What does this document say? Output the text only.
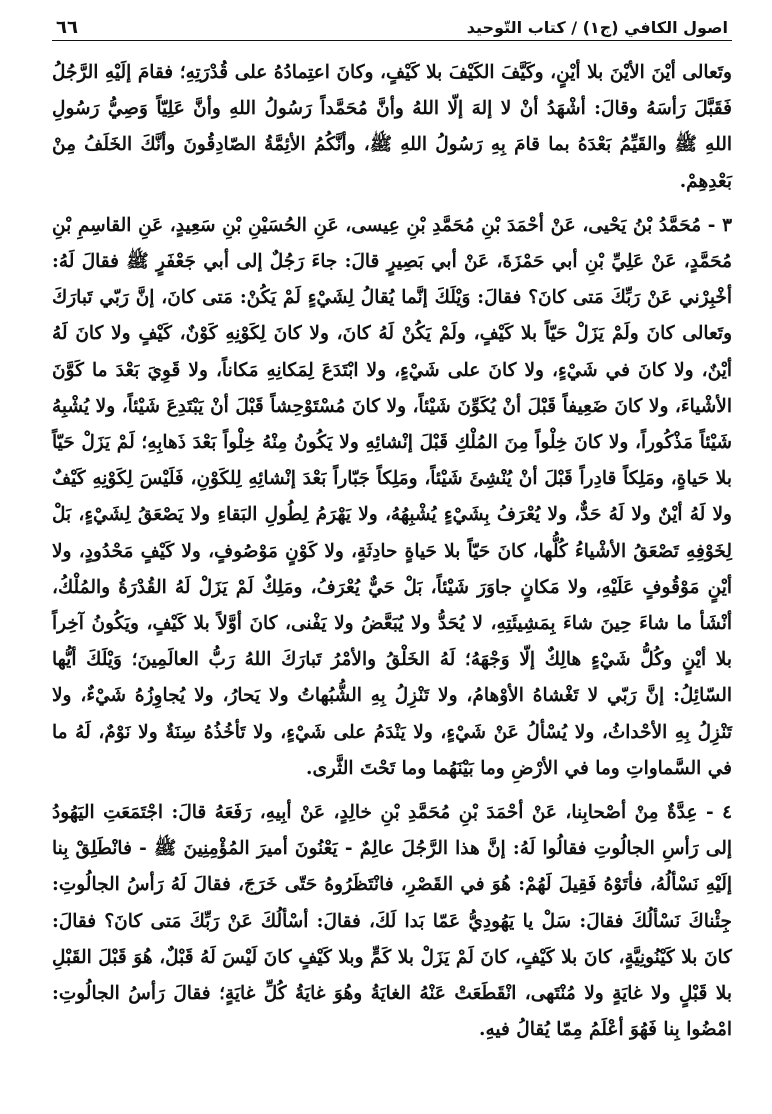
اصول الكافي (ج١) / كتاب التّوحيد
٦٦

وتَعالى أيْنَ الأيْنَ بلا أيْنٍ، وكَيَّفَ الكَيْفَ بلا كَيْفٍ، وكانَ اعتِمادُهُ على قُدْرَتِهِ؛ فقامَ إلَيْهِ الرَّجُلُ فَقَبَّلَ رَأسَهُ وقالَ: أشْهَدُ أنْ لا إلهَ إلّا اللهُ وأنَّ مُحَمَّداً رَسُولُ اللهِ وأنَّ عَلِيّاً وَصِيُّ رَسُولِ اللهِ ﷺ والقَيِّمُ بَعْدَهُ بما قامَ بِهِ رَسُولُ اللهِ ﷺ، وأنَّكُمُ الأئِمَّةُ الصّادِقُونَ وأنَّكَ الخَلَفُ مِنْ بَعْدِهِمْ.

٣ - مُحَمَّدُ بْنُ يَحْيى، عَنْ أحْمَدَ بْنِ مُحَمَّدِ بْنِ عِيسى، عَنِ الحُسَيْنِ بْنِ سَعِيدٍ، عَنِ القاسِمِ بْنِ مُحَمَّدٍ، عَنْ عَلِيِّ بْنِ أبي حَمْزَةَ، عَنْ أبي بَصِيرٍ قالَ: جاءَ رَجُلٌ إلى أبي جَعْفَرٍ ﷺ فقالَ لَهُ: أخْبِرْني عَنْ رَبِّكَ مَتى كانَ؟ فقالَ: وَيْلَكَ إنَّما يُقالُ لِشَيْءٍ لَمْ يَكُنْ: مَتى كانَ، إنَّ رَبّي تَبارَكَ وتَعالى كانَ ولَمْ يَزَلْ حَيّاً بلا كَيْفٍ، ولَمْ يَكُنْ لَهُ كانَ، ولا كانَ لِكَوْنِهِ كَوْنٌ، كَيْفٍ ولا كانَ لَهُ أيْنٌ، ولا كانَ في شَيْءٍ، ولا كانَ على شَيْءٍ، ولا ابْتَدَعَ لِمَكانِهِ مَكاناً، ولا قَوِيَ بَعْدَ ما كَوَّنَ الأشْياءَ، ولا كانَ ضَعِيفاً قَبْلَ أنْ يُكَوِّنَ شَيْئاً، ولا كانَ مُسْتَوْحِشاً قَبْلَ أنْ يَبْتَدِعَ شَيْئاً، ولا يُشْبِهُ شَيْئاً مَذْكُوراً، ولا كانَ خِلْواً مِنَ المُلْكِ قَبْلَ إنْشائِهِ ولا يَكُونُ مِنْهُ خِلْواً بَعْدَ ذَهابِهِ؛ لَمْ يَزَلْ حَيّاً بلا حَياةٍ، ومَلِكاً قادِراً قَبْلَ أنْ يُنْشِئَ شَيْئاً، ومَلِكاً جَبّاراً بَعْدَ إنْشائِهِ لِلكَوْنِ، فَلَيْسَ لِكَوْنِهِ كَيْفٌ ولا لَهُ أيْنٌ ولا لَهُ حَدٌّ، ولا يُعْرَفُ بِشَيْءٍ يُشْبِهُهُ، ولا يَهْرَمُ لِطُولِ البَقاءِ ولا يَصْعَقُ لِشَيْءٍ، بَلْ لِخَوْفِهِ تَصْعَقُ الأشْياءُ كُلُّها، كانَ حَيّاً بلا حَياةٍ حادِثَةٍ، ولا كَوْنٍ مَوْصُوفٍ، ولا كَيْفٍ مَحْدُودٍ، ولا أيْنٍ مَوْقُوفٍ عَلَيْهِ، ولا مَكانٍ جاوَرَ شَيْئاً، بَلْ حَيٌّ يُعْرَفُ، ومَلِكٌ لَمْ يَزَلْ لَهُ القُدْرَةُ والمُلْكُ، أنْشَأ ما شاءَ حِينَ شاءَ بِمَشِيئَتِهِ، لا يُحَدُّ ولا يُبَعَّضُ ولا يَفْنى، كانَ أوَّلاً بلا كَيْفٍ، ويَكُونُ آخِراً بلا أيْنٍ وكُلُّ شَيْءٍ هالِكٌ إلّا وَجْهَهُ؛ لَهُ الخَلْقُ والأمْرُ تَبارَكَ اللهُ رَبُّ العالَمِينَ؛ وَيْلَكَ أيُّها السّائِلُ: إنَّ رَبّي لا تَغْشاهُ الأوْهامُ، ولا تَنْزِلُ بِهِ الشُّبُهاتُ ولا يَحارُ، ولا يُجاوِزُهُ شَيْءٌ، ولا تَنْزِلُ بِهِ الأحْداثُ، ولا يُسْألُ عَنْ شَيْءٍ، ولا يَنْدَمُ على شَيْءٍ، ولا تَأخُذُهُ سِنَةٌ ولا نَوْمٌ، لَهُ ما في السَّماواتِ وما في الأرْضِ وما بَيْنَهُما وما تَحْتَ الثَّرى.

٤ - عِدَّةٌ مِنْ أصْحابِنا، عَنْ أحْمَدَ بْنِ مُحَمَّدِ بْنِ خالِدٍ، عَنْ أبِيهِ، رَفَعَهُ قالَ: اجْتَمَعَتِ اليَهُودُ إلى رَأسِ الجالُوتِ فقالُوا لَهُ: إنَّ هذا الرَّجُلَ عالِمٌ - يَعْنُونَ أميرَ المُؤْمِنِينَ ﷺ - فانْطَلِقْ بِنا إلَيْهِ نَسْألُهُ، فأتَوْهُ فَقِيلَ لَهُمْ: هُوَ في القَصْرِ، فانْتَظَرُوهُ حَتّى خَرَجَ، فقالَ لَهُ رَأسُ الجالُوتِ: جِئْناكَ نَسْألُكَ فقالَ: سَلْ يا يَهُودِيُّ عَمّا بَدا لَكَ، فقالَ: أسْألُكَ عَنْ رَبِّكَ مَتى كانَ؟ فقالَ: كانَ بلا كَيْنُونِيَّةٍ، كانَ بلا كَيْفٍ، كانَ لَمْ يَزَلْ بلا كَمٍّ وبلا كَيْفٍ كانَ لَيْسَ لَهُ قَبْلٌ، هُوَ قَبْلَ القَبْلِ بلا قَبْلٍ ولا غايَةٍ ولا مُنْتَهى، انْقَطَعَتْ عَنْهُ الغايَةُ وهُوَ غايَةُ كُلِّ غايَةٍ؛ فقالَ رَأسُ الجالُوتِ: امْضُوا بِنا فَهُوَ أعْلَمُ مِمّا يُقالُ فيهِ.
